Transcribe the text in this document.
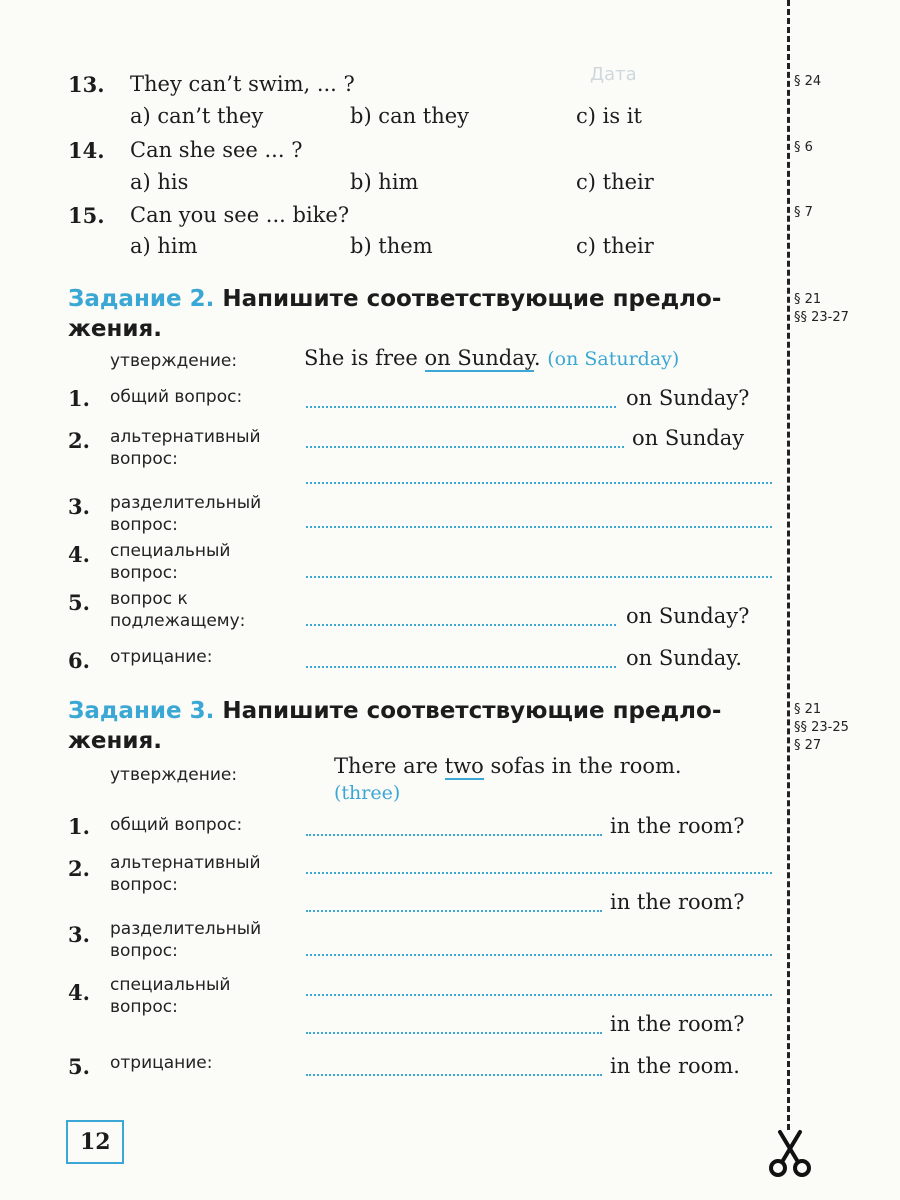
Дата
13. They can’t swim, ... ?
a) can’t they	b) can they	c) is it
14. Can she see ... ?
a) his	b) him	c) their
15. Can you see ... bike?
a) him	b) them	c) their
§ 24
§ 6
§ 7
§ 21
§§ 23-27
§ 21
§§ 23-25
§ 27
Задание 2. Напишите соответствующие предло-
жения.
утверждение:	She is free on Sunday. (on Saturday)
1. общий вопрос:	on Sunday?
2. альтернативный
вопрос:
on Sunday
3. разделительный
вопрос:
4. специальный
вопрос:
5. вопрос к
подлежащему:	on Sunday?
6. отрицание:	on Sunday.
Задание 3. Напишите соответствующие предло-
жения.
утверждение:	There are two sofas in the room.
(three)
1. общий вопрос:	in the room?
2. альтернативный
вопрос:
in the room?
3. разделительный
вопрос:
4. специальный
вопрос:
in the room?
5. отрицание:	in the room.
12
